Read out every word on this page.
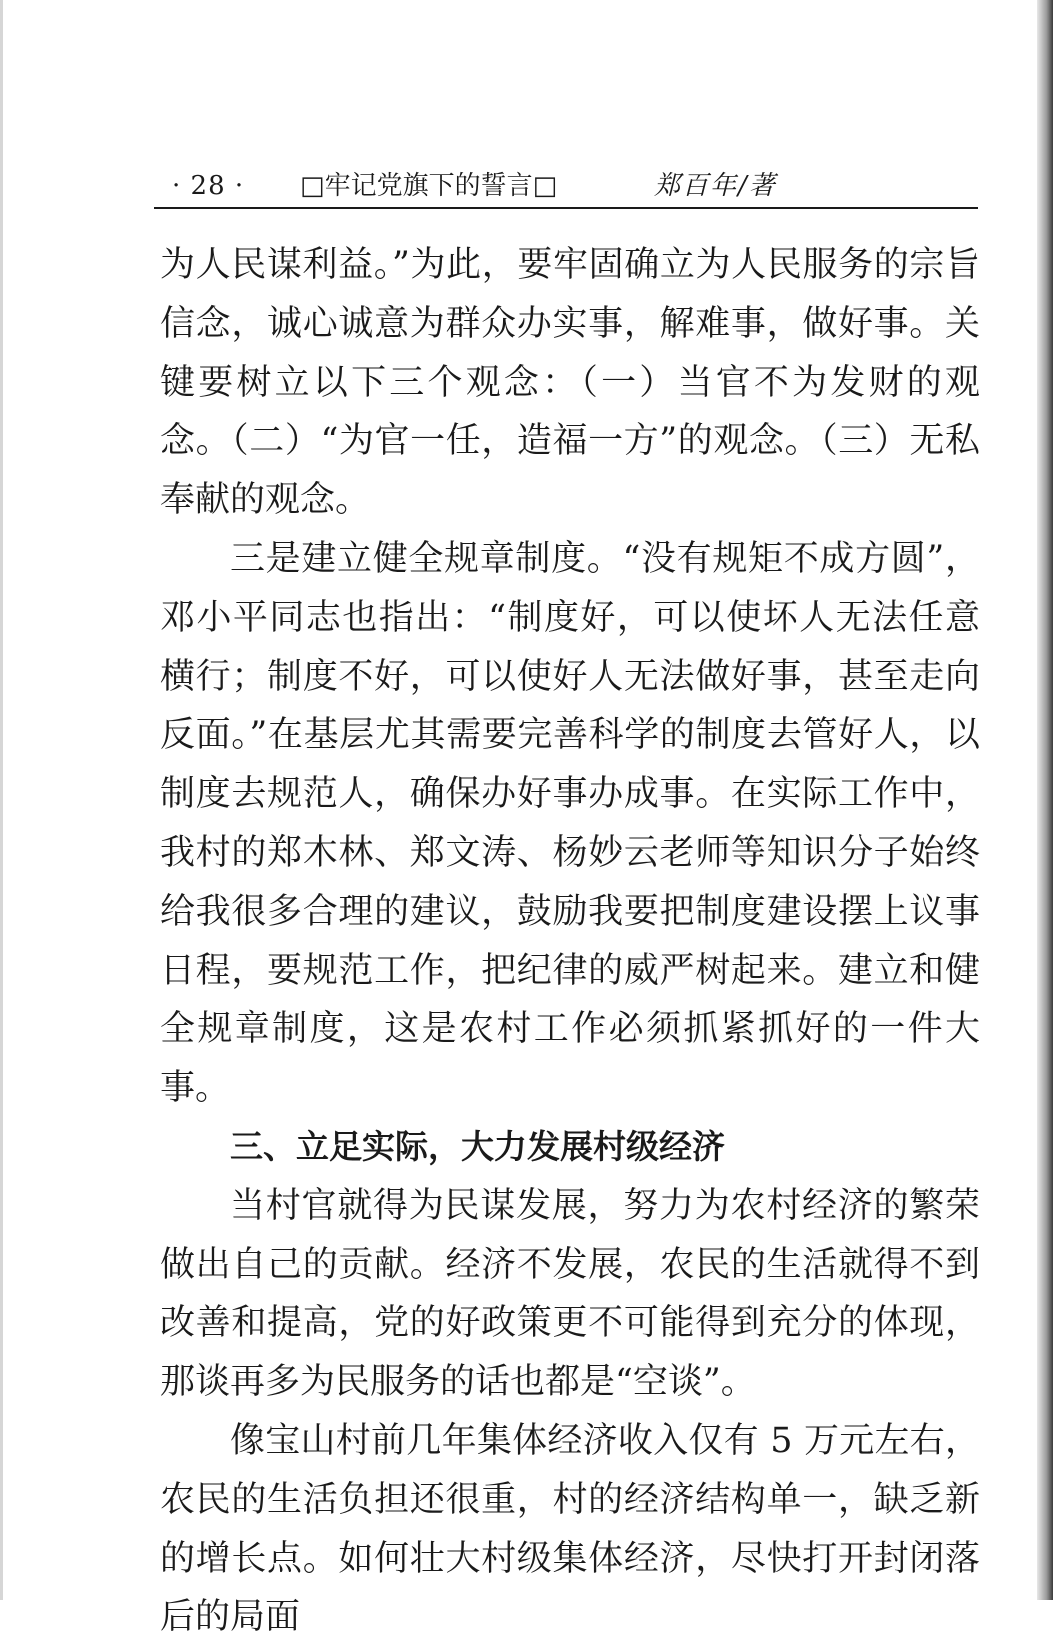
· 28 · □牢记党旗下的誓言□	郑百年/著

为人民谋利益。”为此，要牢固确立为人民服务的宗旨信念，诚心诚意为群众办实事，解难事，做好事。关键要树立以下三个观念：（一）当官不为发财的观念。（二）“为官一任，造福一方”的观念。（三）无私奉献的观念。

三是建立健全规章制度。“没有规矩不成方圆”，邓小平同志也指出：“制度好，可以使坏人无法任意横行；制度不好，可以使好人无法做好事，甚至走向反面。”在基层尤其需要完善科学的制度去管好人，以制度去规范人，确保办好事办成事。在实际工作中，我村的郑木林、郑文涛、杨妙云老师等知识分子始终给我很多合理的建议，鼓励我要把制度建设摆上议事日程，要规范工作，把纪律的威严树起来。建立和健全规章制度，这是农村工作必须抓紧抓好的一件大事。

三、立足实际，大力发展村级经济

当村官就得为民谋发展，努力为农村经济的繁荣做出自己的贡献。经济不发展，农民的生活就得不到改善和提高，党的好政策更不可能得到充分的体现，那谈再多为民服务的话也都是“空谈”。

像宝山村前几年集体经济收入仅有 5 万元左右，农民的生活负担还很重，村的经济结构单一，缺乏新的增长点。如何壮大村级集体经济，尽快打开封闭落后的局面
